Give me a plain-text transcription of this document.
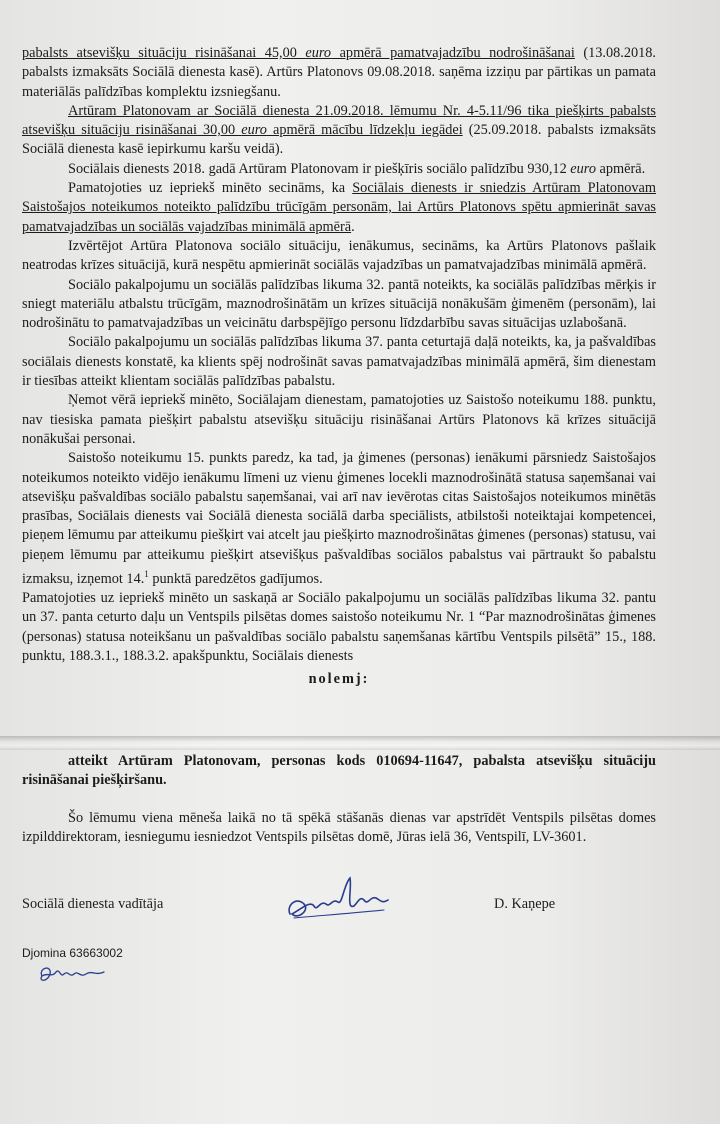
pabalsts atsevišķu situāciju risināšanai 45,00 euro apmērā pamatvajadzību nodrošināšanai (13.08.2018. pabalsts izmaksāts Sociālā dienesta kasē). Artūrs Platonovs 09.08.2018. saņēma izziņu par pārtikas un pamata materiālās palīdzības komplektu izsniegšanu.

Artūram Platonovam ar Sociālā dienesta 21.09.2018. lēmumu Nr. 4-5.11/96 tika piešķirts pabalsts atsevišķu situāciju risināšanai 30,00 euro apmērā mācību līdzekļu iegādei (25.09.2018. pabalsts izmaksāts Sociālā dienesta kasē iepirkumu karšu veidā).

Sociālais dienests 2018. gadā Artūram Platonovam ir piešķīris sociālo palīdzību 930,12 euro apmērā.

Pamatojoties uz iepriekš minēto secināms, ka Sociālais dienests ir sniedzis Artūram Platonovam Saistošajos noteikumos noteikto palīdzību trūcīgām personām, lai Artūrs Platonovs spētu apmierināt savas pamatvajadzības un sociālās vajadzības minimālā apmērā.

Izvērtējot Artūra Platonova sociālo situāciju, ienākumus, secināms, ka Artūrs Platonovs pašlaik neatrodas krīzes situācijā, kurā nespētu apmierināt sociālās vajadzības un pamatvajadzības minimālā apmērā.

Sociālo pakalpojumu un sociālās palīdzības likuma 32. pantā noteikts, ka sociālās palīdzības mērķis ir sniegt materiālu atbalstu trūcīgām, maznodrošinātām un krīzes situācijā nonākušām ģimenēm (personām), lai nodrošinātu to pamatvajadzības un veicinātu darbspējīgo personu līdzdarbību savas situācijas uzlabošanā.

Sociālo pakalpojumu un sociālās palīdzības likuma 37. panta ceturtajā daļā noteikts, ka, ja pašvaldības sociālais dienests konstatē, ka klients spēj nodrošināt savas pamatvajadzības minimālā apmērā, šim dienestam ir tiesības atteikt klientam sociālās palīdzības pabalstu.

Ņemot vērā iepriekš minēto, Sociālajam dienestam, pamatojoties uz Saistošo noteikumu 188. punktu, nav tiesiska pamata piešķirt pabalstu atsevišķu situāciju risināšanai Artūrs Platonovs kā krīzes situācijā nonākušai personai.

Saistošo noteikumu 15. punkts paredz, ka tad, ja ģimenes (personas) ienākumi pārsniedz Saistošajos noteikumos noteikto vidējo ienākumu līmeni uz vienu ģimenes locekli maznodrošinātā statusa saņemšanai vai atsevišķu pašvaldības sociālo pabalstu saņemšanai, vai arī nav ievērotas citas Saistošajos noteikumos minētās prasības, Sociālais dienests vai Sociālā dienesta sociālā darba speciālists, atbilstoši noteiktajai kompetencei, pieņem lēmumu par atteikumu piešķirt vai atcelt jau piešķirto maznodrošinātas ģimenes (personas) statusu, vai pieņem lēmumu par atteikumu piešķirt atsevišķus pašvaldības sociālos pabalstus vai pārtraukt šo pabalstu izmaksu, izņemot 14.$^1$ punktā paredzētos gadījumos.

Pamatojoties uz iepriekš minēto un saskaņā ar Sociālo pakalpojumu un sociālās palīdzības likuma 32. pantu un 37. panta ceturto daļu un Ventspils pilsētas domes saistošo noteikumu Nr. 1 “Par maznodrošinātas ģimenes (personas) statusa noteikšanu un pašvaldības sociālo pabalstu saņemšanas kārtību Ventspils pilsētā” 15., 188. punktu, 188.3.1., 188.3.2. apakšpunktu, Sociālais dienests

nolemj:

atteikt Artūram Platonovam, personas kods 010694-11647, pabalsta atsevišķu situāciju risināšanai piešķiršanu.

Šo lēmumu viena mēneša laikā no tā spēkā stāšanās dienas var apstrīdēt Ventspils pilsētas domes izpilddirektoram, iesniegumu iesniedzot Ventspils pilsētas domē, Jūras ielā 36, Ventspilī, LV-3601.

Sociālā dienesta vadītāja	D. Kaņepe
Djomina 63663002
